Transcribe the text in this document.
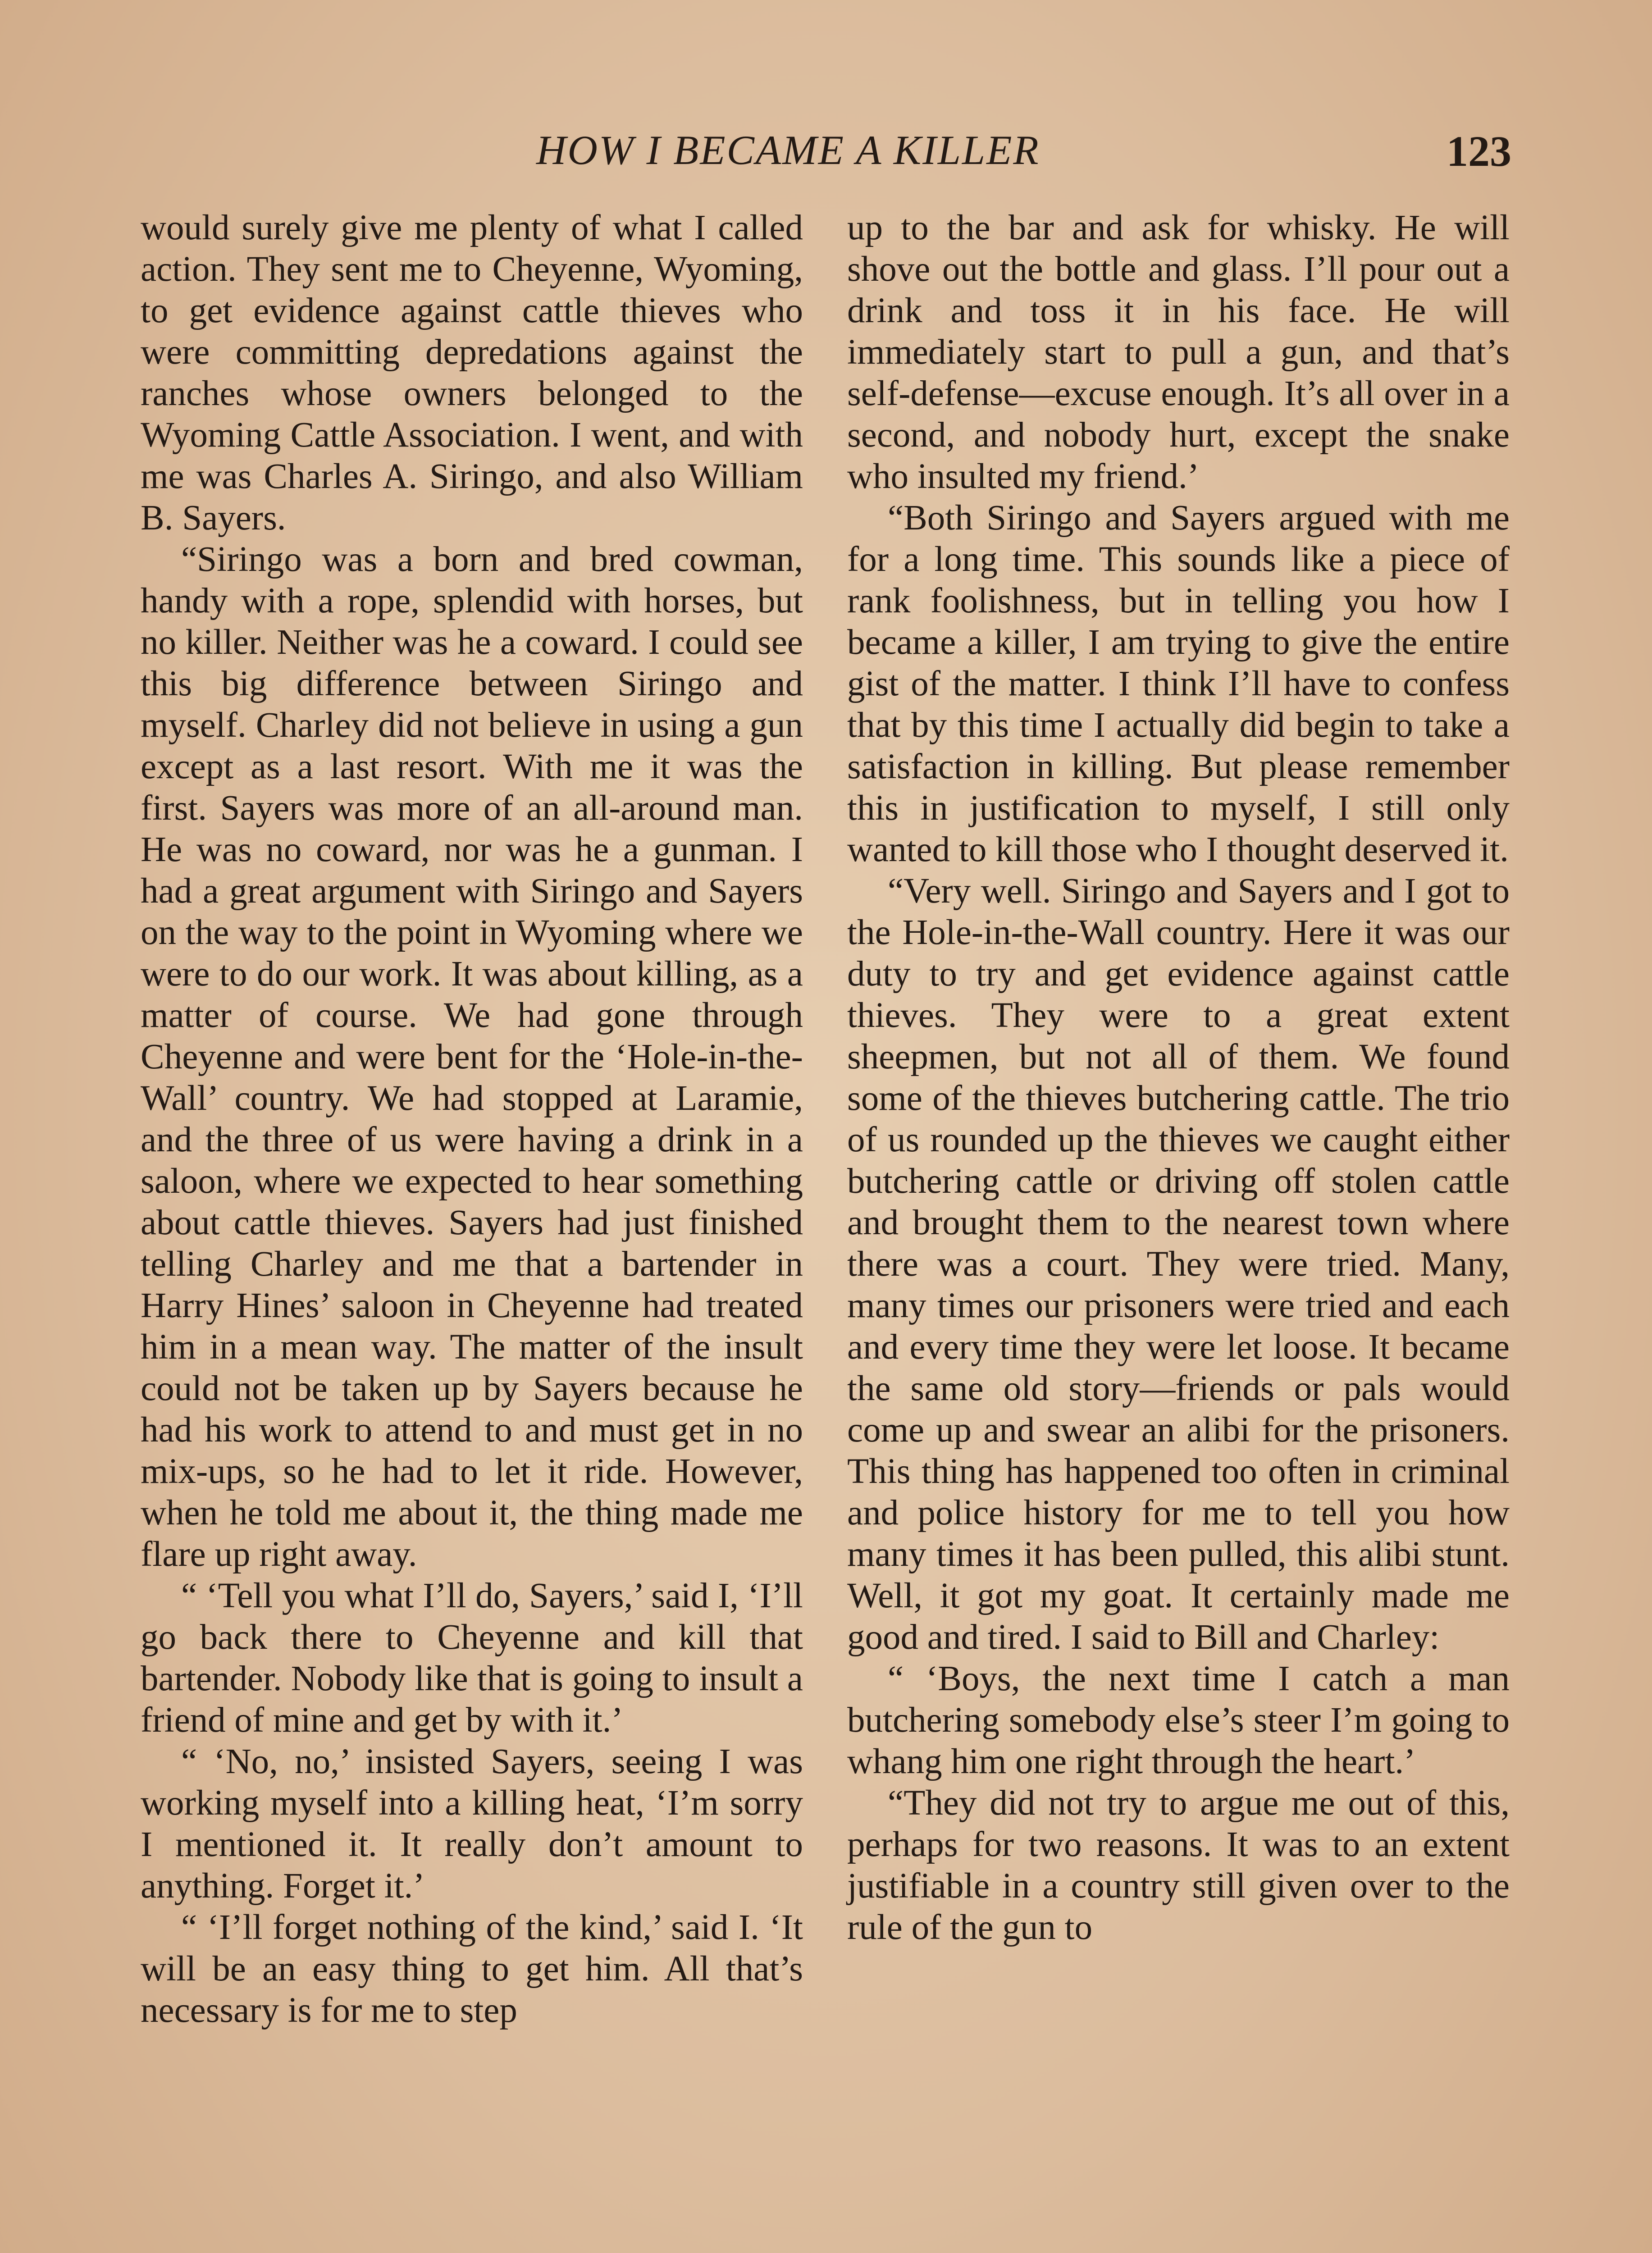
HOW I BECAME A KILLER	123

would surely give me plenty of what I called action. They sent me to Cheyenne, Wyoming, to get evidence against cattle thieves who were committing depredations against the ranches whose owners belonged to the Wyoming Cattle Association. I went, and with me was Charles A. Siringo, and also William B. Sayers.

“Siringo was a born and bred cowman, handy with a rope, splendid with horses, but no killer. Neither was he a coward. I could see this big difference between Siringo and myself. Charley did not believe in using a gun except as a last resort. With me it was the first. Sayers was more of an all-around man. He was no coward, nor was he a gunman. I had a great argument with Siringo and Sayers on the way to the point in Wyoming where we were to do our work. It was about killing, as a matter of course. We had gone through Cheyenne and were bent for the ‘Hole-in-the-Wall’ country. We had stopped at Laramie, and the three of us were having a drink in a saloon, where we expected to hear something about cattle thieves. Sayers had just finished telling Charley and me that a bartender in Harry Hines’ saloon in Cheyenne had treated him in a mean way. The matter of the insult could not be taken up by Sayers because he had his work to attend to and must get in no mix-ups, so he had to let it ride. However, when he told me about it, the thing made me flare up right away.

“ ‘Tell you what I’ll do, Sayers,’ said I, ‘I’ll go back there to Cheyenne and kill that bartender. Nobody like that is going to insult a friend of mine and get by with it.’

“ ‘No, no,’ insisted Sayers, seeing I was working myself into a killing heat, ‘I’m sorry I mentioned it. It really don’t amount to anything. Forget it.’

“ ‘I’ll forget nothing of the kind,’ said I. ‘It will be an easy thing to get him. All that’s necessary is for me to step

up to the bar and ask for whisky. He will shove out the bottle and glass. I’ll pour out a drink and toss it in his face. He will immediately start to pull a gun, and that’s self-defense—excuse enough. It’s all over in a second, and nobody hurt, except the snake who insulted my friend.’

“Both Siringo and Sayers argued with me for a long time. This sounds like a piece of rank foolishness, but in telling you how I became a killer, I am trying to give the entire gist of the matter. I think I’ll have to confess that by this time I actually did begin to take a satisfaction in killing. But please remember this in justification to myself, I still only wanted to kill those who I thought deserved it.

“Very well. Siringo and Sayers and I got to the Hole-in-the-Wall country. Here it was our duty to try and get evidence against cattle thieves. They were to a great extent sheepmen, but not all of them. We found some of the thieves butchering cattle. The trio of us rounded up the thieves we caught either butchering cattle or driving off stolen cattle and brought them to the nearest town where there was a court. They were tried. Many, many times our prisoners were tried and each and every time they were let loose. It became the same old story—friends or pals would come up and swear an alibi for the prisoners. This thing has happened too often in criminal and police history for me to tell you how many times it has been pulled, this alibi stunt. Well, it got my goat. It certainly made me good and tired. I said to Bill and Charley:

“ ‘Boys, the next time I catch a man butchering somebody else’s steer I’m going to whang him one right through the heart.’

“They did not try to argue me out of this, perhaps for two reasons. It was to an extent justifiable in a country still given over to the rule of the gun to
